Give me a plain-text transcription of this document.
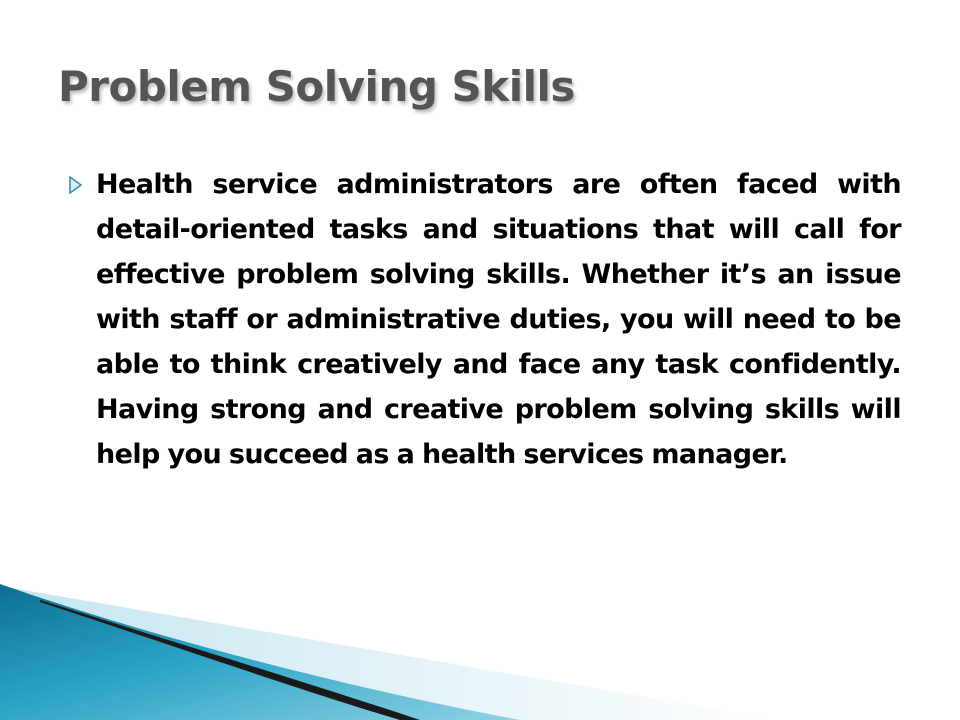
Problem Solving Skills

Health service administrators are often faced with detail-oriented tasks and situations that will call for effective problem solving skills. Whether it’s an issue with staff or administrative duties, you will need to be able to think creatively and face any task confidently. Having strong and creative problem solving skills will help you succeed as a health services manager.
